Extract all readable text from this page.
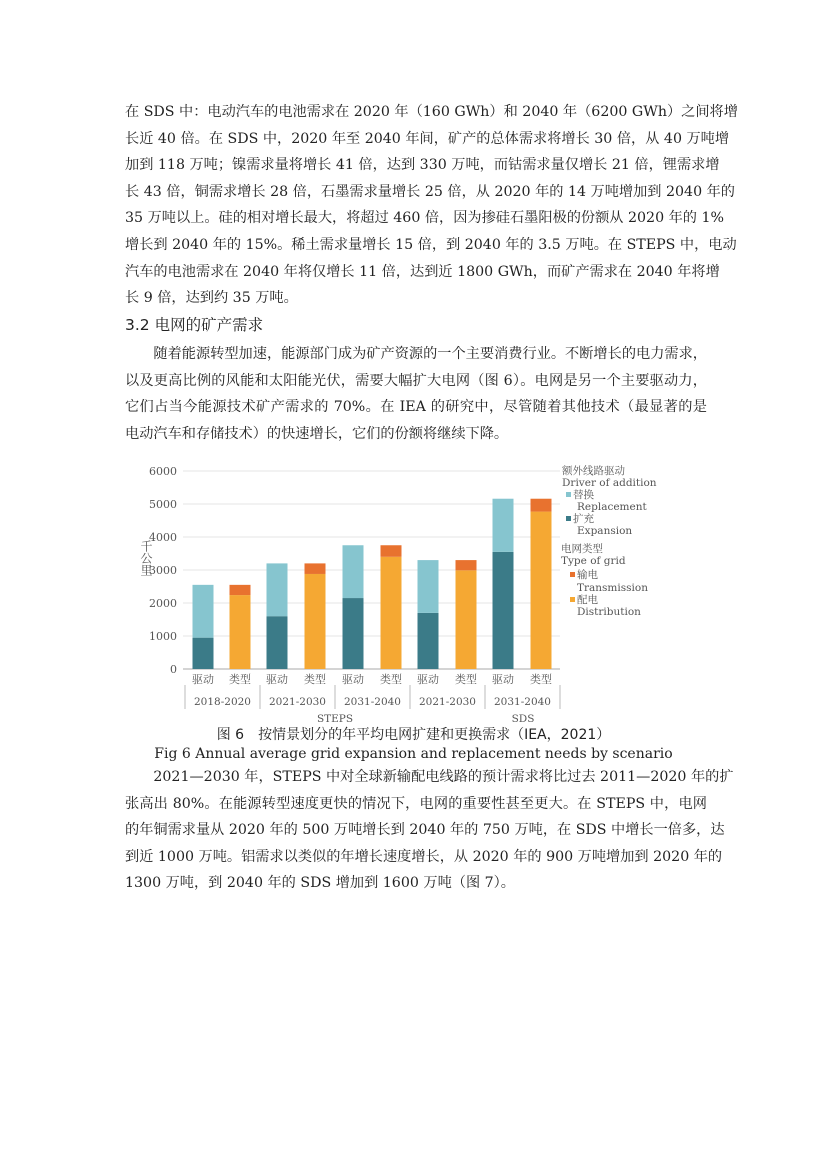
在 SDS 中：电动汽车的电池需求在 2020 年（160 GWh）和 2040 年（6200 GWh）之间将增
长近 40 倍。在 SDS 中，2020 年至 2040 年间，矿产的总体需求将增长 30 倍，从 40 万吨增
加到 118 万吨；镍需求量将增长 41 倍，达到 330 万吨，而钴需求量仅增长 21 倍，锂需求增
长 43 倍，铜需求增长 28 倍，石墨需求量增长 25 倍，从 2020 年的 14 万吨增加到 2040 年的
35 万吨以上。硅的相对增长最大，将超过 460 倍，因为掺硅石墨阳极的份额从 2020 年的 1%
增长到 2040 年的 15%。稀土需求量增长 15 倍，到 2040 年的 3.5 万吨。在 STEPS 中，电动
汽车的电池需求在 2040 年将仅增长 11 倍，达到近 1800 GWh，而矿产需求在 2040 年将增
长 9 倍，达到约 35 万吨。
3.2 电网的矿产需求
　　随着能源转型加速，能源部门成为矿产资源的一个主要消费行业。不断增长的电力需求，
以及更高比例的风能和太阳能光伏，需要大幅扩大电网（图 6）。电网是另一个主要驱动力，
它们占当今能源技术矿产需求的 70%。在 IEA 的研究中，尽管随着其他技术（最显著的是
电动汽车和存储技术）的快速增长，它们的份额将继续下降。
0
1000
2000
3000
4000
5000
6000
驱动 类型 驱动 类型 驱动 类型 驱动 类型 驱动 类型
2018-2020 2021-2030 2031-2040 2021-2030 2031-2040
STEPS	SDS
千公里
额外线路驱动
Driver of addition
替换
Replacement
扩充
Expansion
电网类型
Type of grid
输电
Transmission
配电
Distribution
图 6　按情景划分的年平均电网扩建和更换需求（IEA，2021）
Fig 6 Annual average grid expansion and replacement needs by scenario
　　2021—2030 年，STEPS 中对全球新输配电线路的预计需求将比过去 2011—2020 年的扩
张高出 80%。在能源转型速度更快的情况下，电网的重要性甚至更大。在 STEPS 中，电网
的年铜需求量从 2020 年的 500 万吨增长到 2040 年的 750 万吨，在 SDS 中增长一倍多，达
到近 1000 万吨。铝需求以类似的年增长速度增长，从 2020 年的 900 万吨增加到 2020 年的
1300 万吨，到 2040 年的 SDS 增加到 1600 万吨（图 7）。
